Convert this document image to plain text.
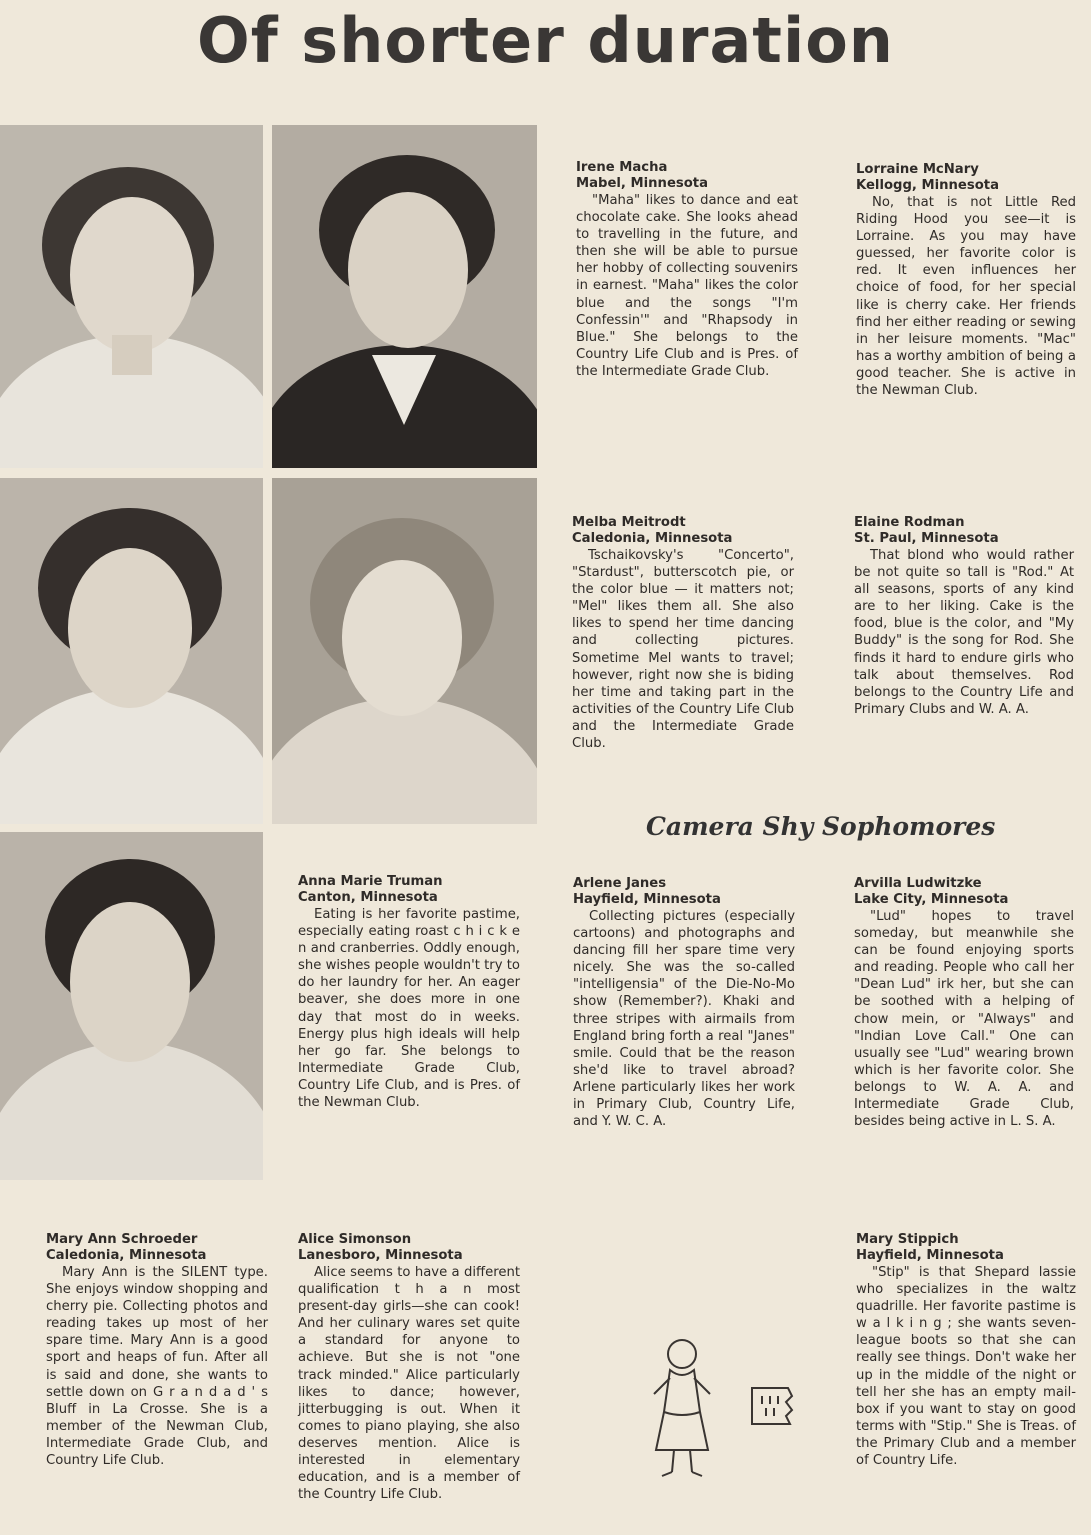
Of shorter duration
Irene Macha
Mabel, Minnesota
"Maha" likes to dance and eat chocolate cake. She looks ahead to travelling in the future, and then she will be able to pursue her hobby of collecting souvenirs in earnest. "Maha" likes the color blue and the songs "I'm Confessin'" and "Rhapsody in Blue." She belongs to the Country Life Club and is Pres. of the Intermediate Grade Club.
Lorraine McNary
Kellogg, Minnesota
No, that is not Little Red Riding Hood you see—it is Lorraine. As you may have guessed, her favorite color is red. It even influences her choice of food, for her special like is cherry cake. Her friends find her either reading or sewing in her leisure moments. "Mac" has a worthy ambition of being a good teacher. She is active in the Newman Club.
Melba Meitrodt
Caledonia, Minnesota
Tschaikovsky's "Concerto", "Stardust", butterscotch pie, or the color blue — it matters not; "Mel" likes them all. She also likes to spend her time dancing and collecting pictures. Sometime Mel wants to travel; however, right now she is biding her time and taking part in the activities of the Country Life Club and the Intermediate Grade Club.
Elaine Rodman
St. Paul, Minnesota
That blond who would rather be not quite so tall is "Rod." At all seasons, sports of any kind are to her liking. Cake is the food, blue is the color, and "My Buddy" is the song for Rod. She finds it hard to endure girls who talk about themselves. Rod belongs to the Country Life and Primary Clubs and W. A. A.
Camera Shy Sophomores
Anna Marie Truman
Canton, Minnesota
Eating is her favorite pastime, especially eating roast c h i c k e n and cranberries. Oddly enough, she wishes people wouldn't try to do her laundry for her. An eager beaver, she does more in one day that most do in weeks. Energy plus high ideals will help her go far. She belongs to Intermediate Grade Club, Country Life Club, and is Pres. of the Newman Club.
Arlene Janes
Hayfield, Minnesota
Collecting pictures (especially cartoons) and photographs and dancing fill her spare time very nicely. She was the so-called "intelligensia" of the Die-No-Mo show (Remember?). Khaki and three stripes with airmails from England bring forth a real "Janes" smile. Could that be the reason she'd like to travel abroad? Arlene particularly likes her work in Primary Club, Country Life, and Y. W. C. A.
Arvilla Ludwitzke
Lake City, Minnesota
"Lud" hopes to travel someday, but meanwhile she can be found enjoying sports and reading. People who call her "Dean Lud" irk her, but she can be soothed with a helping of chow mein, or "Always" and "Indian Love Call." One can usually see "Lud" wearing brown which is her favorite color. She belongs to W. A. A. and Intermediate Grade Club, besides being active in L. S. A.
Mary Ann Schroeder
Caledonia, Minnesota
Mary Ann is the SILENT type. She enjoys window shopping and cherry pie. Collecting photos and reading takes up most of her spare time. Mary Ann is a good sport and heaps of fun. After all is said and done, she wants to settle down on G r a n d a d ' s Bluff in La Crosse. She is a member of the Newman Club, Intermediate Grade Club, and Country Life Club.
Alice Simonson
Lanesboro, Minnesota
Alice seems to have a different qualification t h a n most present-day girls—she can cook! And her culinary wares set quite a standard for anyone to achieve. But she is not "one track minded." Alice particularly likes to dance; however, jitterbugging is out. When it comes to piano playing, she also deserves mention. Alice is interested in elementary education, and is a member of the Country Life Club.
Mary Stippich
Hayfield, Minnesota
"Stip" is that Shepard lassie who specializes in the waltz quadrille. Her favorite pastime is w a l k i n g ; she wants seven-league boots so that she can really see things. Don't wake her up in the middle of the night or tell her she has an empty mail-box if you want to stay on good terms with "Stip." She is Treas. of the Primary Club and a member of Country Life.
